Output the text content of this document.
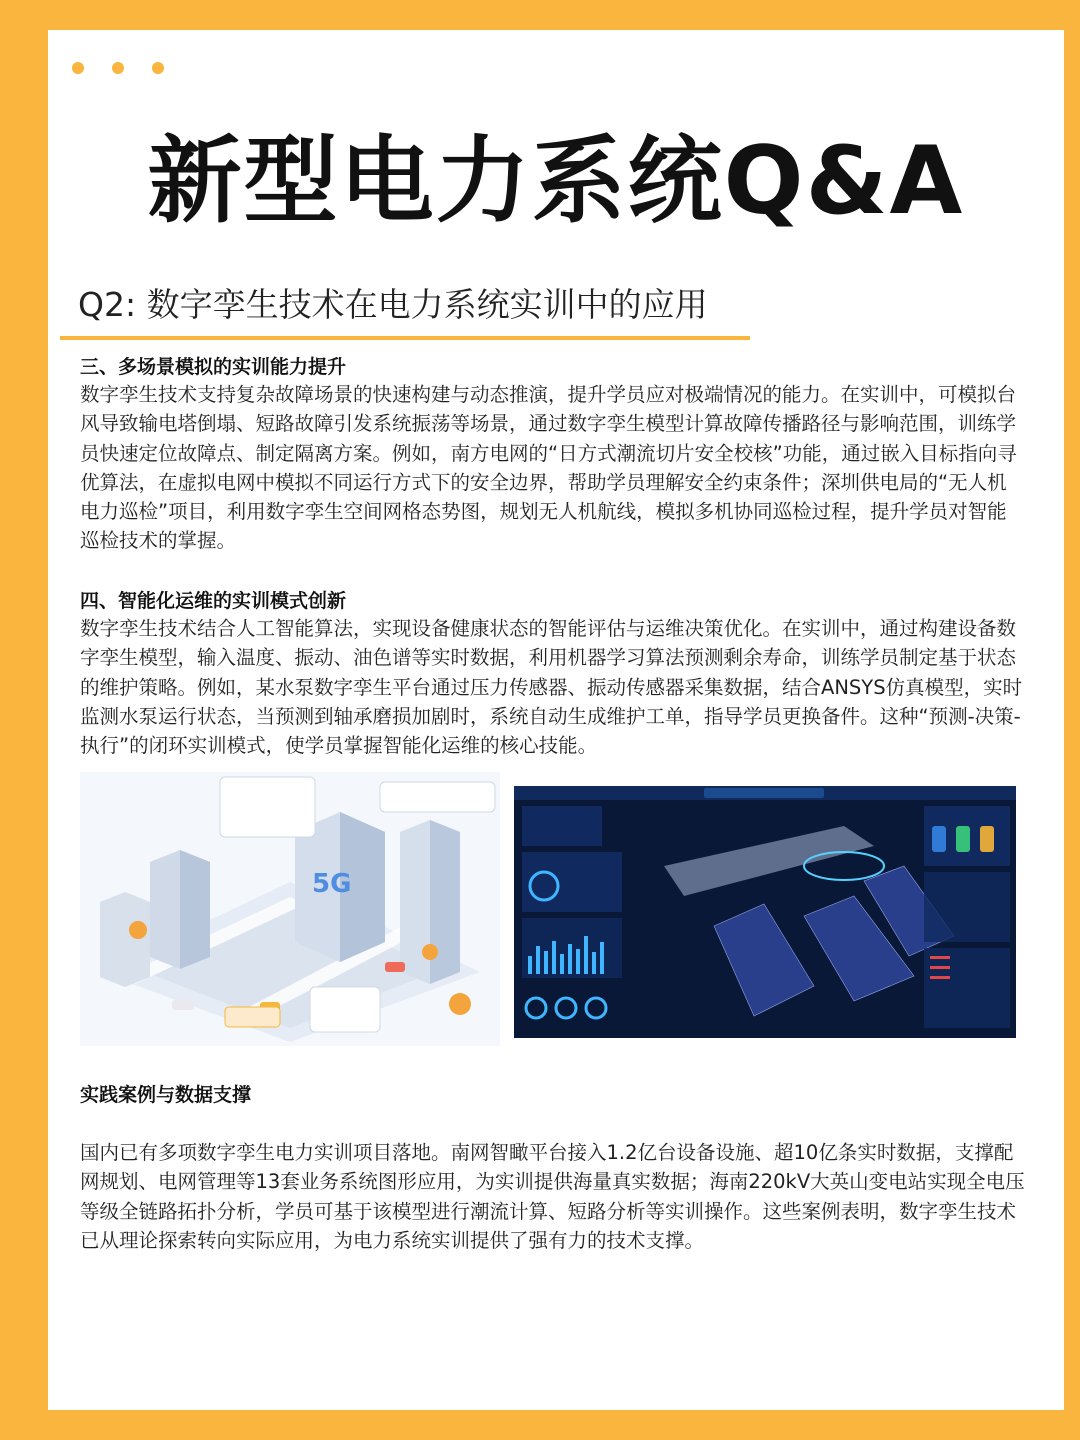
新型电力系统Q&A
Q2: 数字孪生技术在电力系统实训中的应用
三、多场景模拟的实训能力提升

数字孪生技术支持复杂故障场景的快速构建与动态推演，提升学员应对极端情况的能力。在实训中，可模拟台风导致输电塔倒塌、短路故障引发系统振荡等场景，通过数字孪生模型计算故障传播路径与影响范围，训练学员快速定位故障点、制定隔离方案。例如，南方电网的“日方式潮流切片安全校核”功能，通过嵌入目标指向寻优算法，在虚拟电网中模拟不同运行方式下的安全边界，帮助学员理解安全约束条件；深圳供电局的“无人机电力巡检”项目，利用数字孪生空间网格态势图，规划无人机航线，模拟多机协同巡检过程，提升学员对智能巡检技术的掌握。

四、智能化运维的实训模式创新

数字孪生技术结合人工智能算法，实现设备健康状态的智能评估与运维决策优化。在实训中，通过构建设备数字孪生模型，输入温度、振动、油色谱等实时数据，利用机器学习算法预测剩余寿命，训练学员制定基于状态的维护策略。例如，某水泵数字孪生平台通过压力传感器、振动传感器采集数据，结合ANSYS仿真模型，实时监测水泵运行状态，当预测到轴承磨损加剧时，系统自动生成维护工单，指导学员更换备件。这种“预测-决策-执行”的闭环实训模式，使学员掌握智能化运维的核心技能。

5G
实践案例与数据支撑

国内已有多项数字孪生电力实训项目落地。南网智瞰平台接入1.2亿台设备设施、超10亿条实时数据，支撑配网规划、电网管理等13套业务系统图形应用，为实训提供海量真实数据；海南220kV大英山变电站实现全电压等级全链路拓扑分析，学员可基于该模型进行潮流计算、短路分析等实训操作。这些案例表明，数字孪生技术已从理论探索转向实际应用，为电力系统实训提供了强有力的技术支撑。
